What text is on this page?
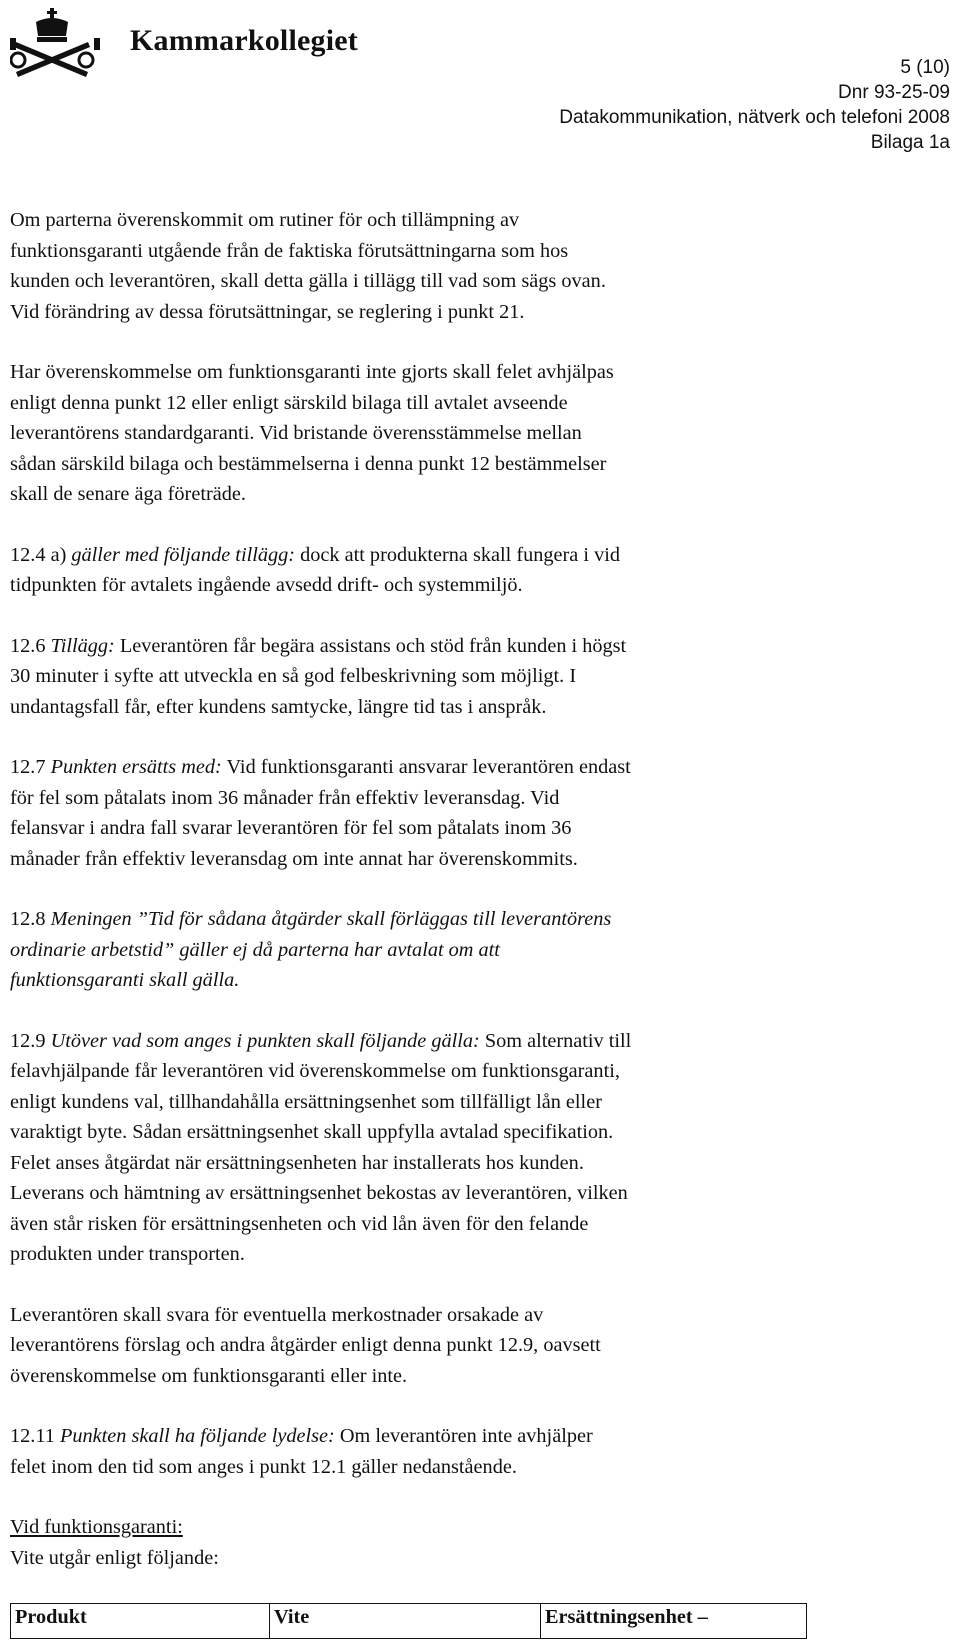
Kammarkollegiet
5 (10)
Dnr 93-25-09
Datakommunikation, nätverk och telefoni 2008
Bilaga 1a

Om parterna överenskommit om rutiner för och tillämpning av
funktionsgaranti utgående från de faktiska förutsättningarna som hos
kunden och leverantören, skall detta gälla i tillägg till vad som sägs ovan.
Vid förändring av dessa förutsättningar, se reglering i punkt 21.

Har överenskommelse om funktionsgaranti inte gjorts skall felet avhjälpas
enligt denna punkt 12 eller enligt särskild bilaga till avtalet avseende
leverantörens standardgaranti. Vid bristande överensstämmelse mellan
sådan särskild bilaga och bestämmelserna i denna punkt 12 bestämmelser
skall de senare äga företräde.

12.4 a) gäller med följande tillägg: dock att produkterna skall fungera i vid
tidpunkten för avtalets ingående avsedd drift- och systemmiljö.

12.6 Tillägg: Leverantören får begära assistans och stöd från kunden i högst
30 minuter i syfte att utveckla en så god felbeskrivning som möjligt. I
undantagsfall får, efter kundens samtycke, längre tid tas i anspråk.

12.7 Punkten ersätts med: Vid funktionsgaranti ansvarar leverantören endast
för fel som påtalats inom 36 månader från effektiv leveransdag. Vid
felansvar i andra fall svarar leverantören för fel som påtalats inom 36
månader från effektiv leveransdag om inte annat har överenskommits.

12.8 Meningen ”Tid för sådana åtgärder skall förläggas till leverantörens
ordinarie arbetstid” gäller ej då parterna har avtalat om att
funktionsgaranti skall gälla.

12.9 Utöver vad som anges i punkten skall följande gälla: Som alternativ till
felavhjälpande får leverantören vid överenskommelse om funktionsgaranti,
enligt kundens val, tillhandahålla ersättningsenhet som tillfälligt lån eller
varaktigt byte. Sådan ersättningsenhet skall uppfylla avtalad specifikation.
Felet anses åtgärdat när ersättningsenheten har installerats hos kunden.
Leverans och hämtning av ersättningsenhet bekostas av leverantören, vilken
även står risken för ersättningsenheten och vid lån även för den felande
produkten under transporten.

Leverantören skall svara för eventuella merkostnader orsakade av
leverantörens förslag och andra åtgärder enligt denna punkt 12.9, oavsett
överenskommelse om funktionsgaranti eller inte.

12.11 Punkten skall ha följande lydelse: Om leverantören inte avhjälper
felet inom den tid som anges i punkt 12.1 gäller nedanstående.

Vid funktionsgaranti:
Vite utgår enligt följande:

Produkt	Vite	Ersättningsenhet –
